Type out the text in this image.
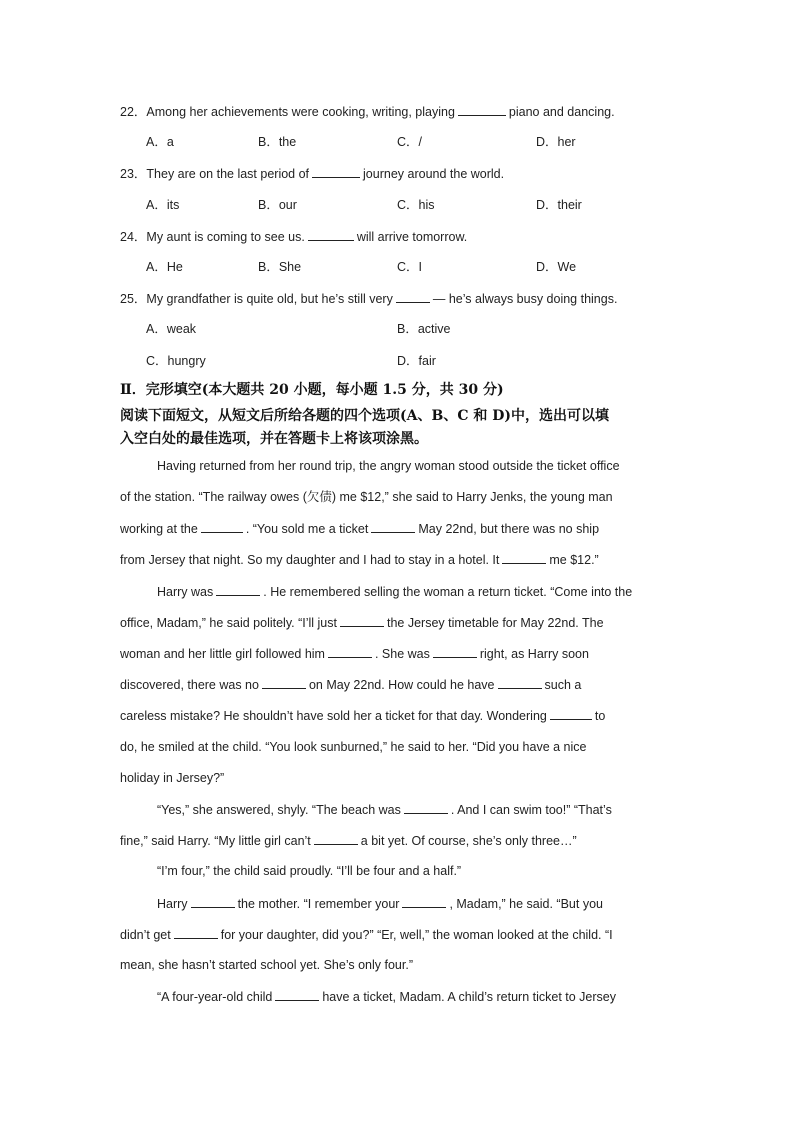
22．Among her achievements were cooking, writing, playing	piano and dancing.
A．a	B．the	C．/	D．her
23．They are on the last period of	journey around the world.
A．its	B．our	C．his	D．their
24．My aunt is coming to see us.	will arrive tomorrow.
A．He	B．She	C．I	D．We
25．My grandfather is quite old, but he’s still very	— he’s always busy doing things.
A．weak	B．active
C．hungry	D．fair
Ⅱ．完形填空(本大题共 20 小题，每小题 1.5 分，共 30 分)
阅读下面短文，从短文后所给各题的四个选项(A、B、C 和 D)中，选出可以填
入空白处的最佳选项，并在答题卡上将该项涂黑。
Having returned from her round trip, the angry woman stood outside the ticket office
of the station. “The railway owes (欠债) me $12,” she said to Harry Jenks, the young man
working at the	. “You sold me a ticket	May 22nd, but there was no ship
from Jersey that night. So my daughter and I had to stay in a hotel. It	me $12.”
Harry was	. He remembered selling the woman a return ticket. “Come into the
office, Madam,” he said politely. “I’ll just	the Jersey timetable for May 22nd. The
woman and her little girl followed him	. She was	right, as Harry soon
discovered, there was no	on May 22nd. How could he have	such a
careless mistake? He shouldn’t have sold her a ticket for that day. Wondering	to
do, he smiled at the child. “You look sunburned,” he said to her. “Did you have a nice
holiday in Jersey?”
“Yes,” she answered, shyly. “The beach was	. And I can swim too!” “That’s
fine,” said Harry. “My little girl can’t	a bit yet. Of course, she’s only three…”
“I’m four,” the child said proudly. “I’ll be four and a half.”
Harry	the mother. “I remember your	, Madam,” he said. “But you
didn’t get	for your daughter, did you?” “Er, well,” the woman looked at the child. “I
mean, she hasn’t started school yet. She’s only four.”
“A four-year-old child	have a ticket, Madam. A child’s return ticket to Jersey
